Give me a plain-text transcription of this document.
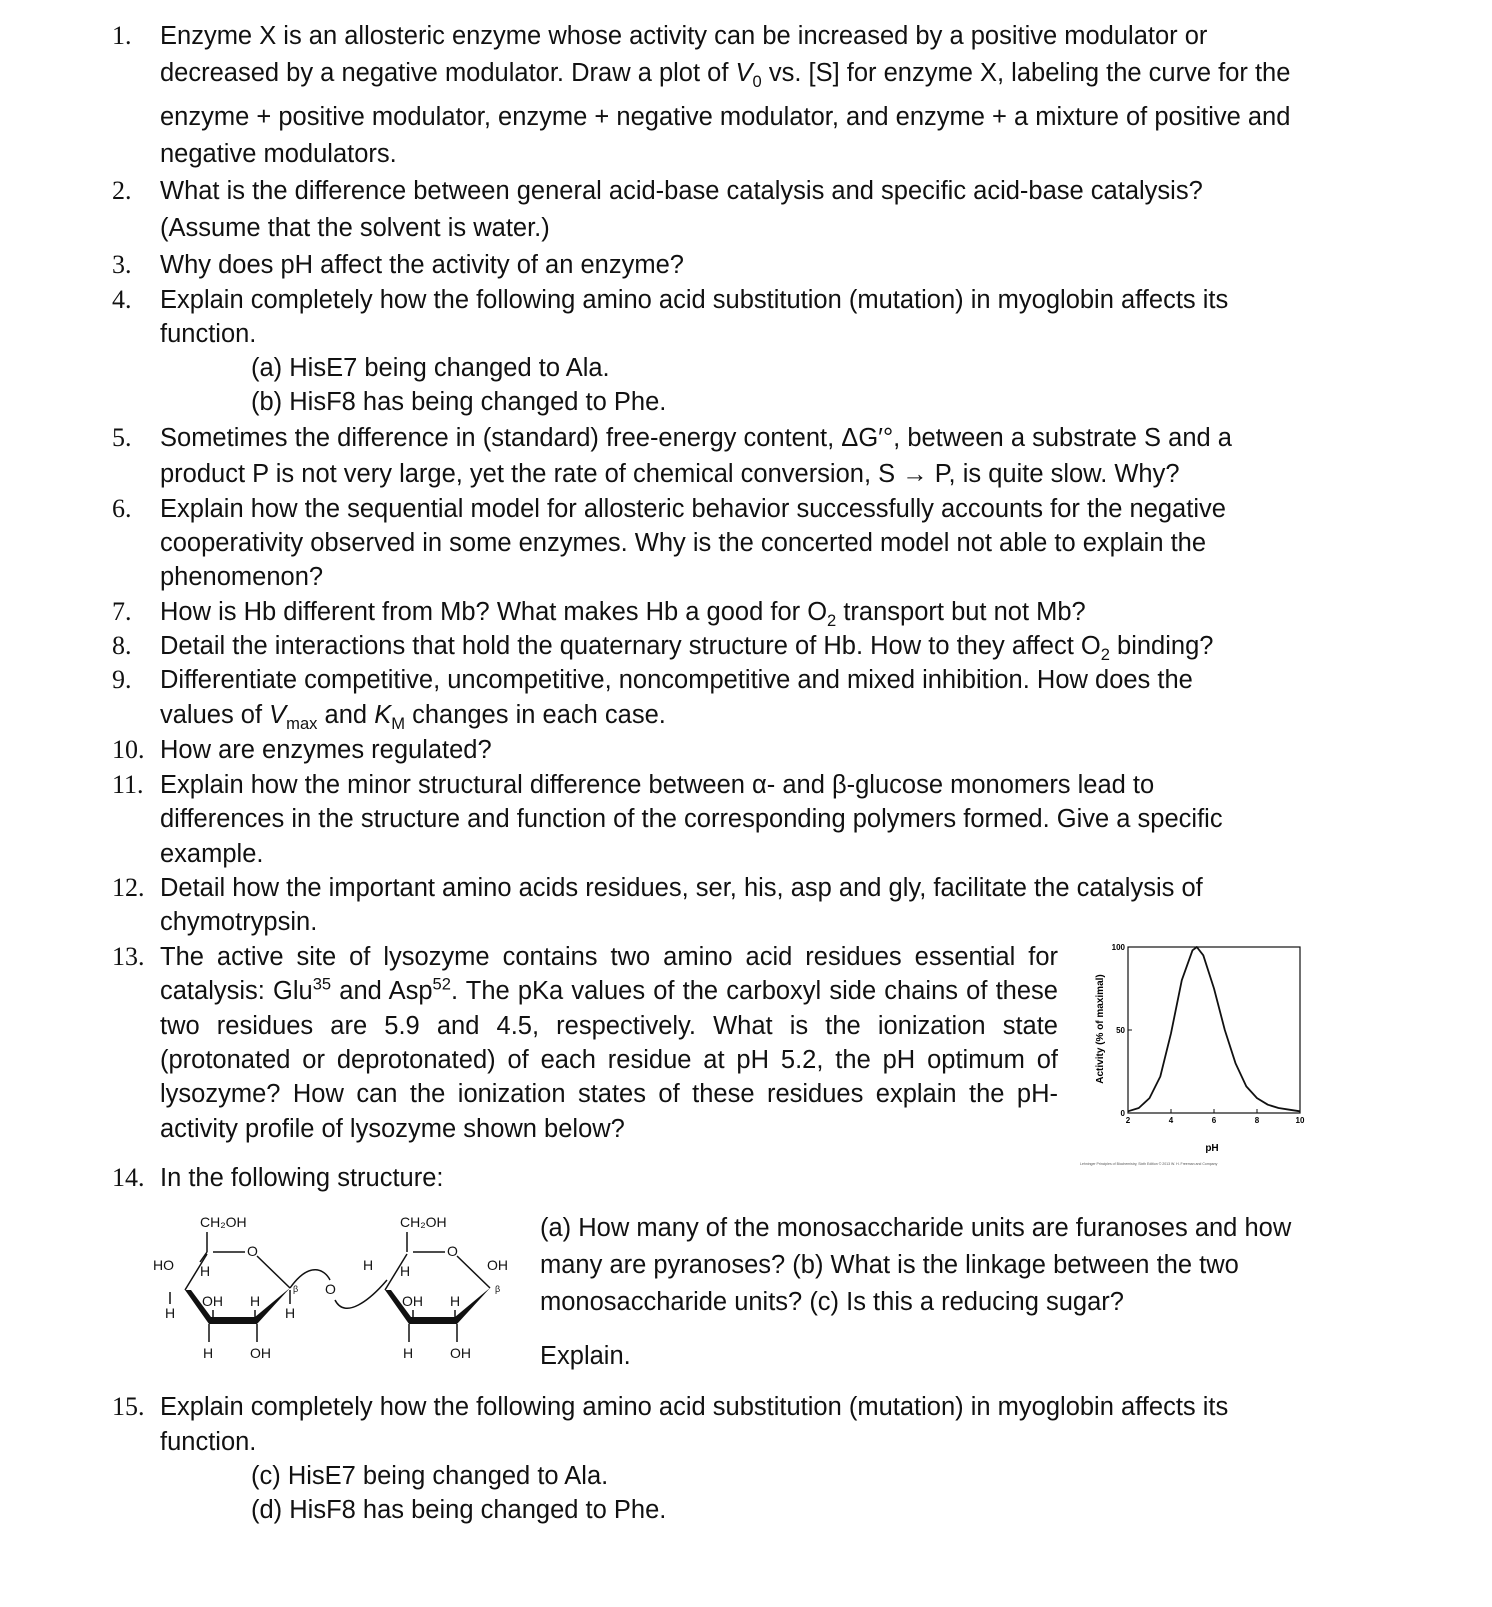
1. Enzyme X is an allosteric enzyme whose activity can be increased by a positive modulator or
decreased by a negative modulator. Draw a plot of $V_0$ vs. [S] for enzyme X, labeling the curve for the
enzyme + positive modulator, enzyme + negative modulator, and enzyme + a mixture of positive and
negative modulators.
2. What is the difference between general acid-base catalysis and specific acid-base catalysis?
(Assume that the solvent is water.)
3. Why does pH affect the activity of an enzyme?
4. Explain completely how the following amino acid substitution (mutation) in myoglobin affects its
function.
(a) HisE7 being changed to Ala.
(b) HisF8 has being changed to Phe.
5. Sometimes the difference in (standard) free-energy content, ΔG′°, between a substrate S and a
product P is not very large, yet the rate of chemical conversion, S → P, is quite slow. Why?
6. Explain how the sequential model for allosteric behavior successfully accounts for the negative
cooperativity observed in some enzymes. Why is the concerted model not able to explain the
phenomenon?
7. How is Hb different from Mb? What makes Hb a good for $O_2$ transport but not Mb?
8. Detail the interactions that hold the quaternary structure of Hb. How to they affect $O_2$ binding?
9. Differentiate competitive, uncompetitive, noncompetitive and mixed inhibition. How does the
values of $V_{max}$ and $K_M$ changes in each case.
10. How are enzymes regulated?
11. Explain how the minor structural difference between α- and β-glucose monomers lead to
differences in the structure and function of the corresponding polymers formed. Give a specific
example.
12. Detail how the important amino acids residues, ser, his, asp and gly, facilitate the catalysis of
chymotrypsin.
13. The active site of lysozyme contains two amino acid residues essential for
catalysis: Glu$^{35}$ and Asp$^{52}$. The pKa values of the carboxyl side chains of these
two residues are 5.9 and 4.5, respectively. What is the ionization state
(protonated or deprotonated) of each residue at pH 5.2, the pH optimum of
lysozyme? How can the ionization states of these residues explain the pH-
activity profile of lysozyme shown below?	2	4	6	8	10
0
50
100
Activity (% of maximal)
pH
Lehninger Principles of Biochemistry, Sixth Edition © 2013 W. H. Freeman and Company
14. In the following structure:
CH₂OH
O
HO H
H
OH H
H
H	OH
β O
H
CH₂OH
O
H	OH
β
OH H
H	OH
(a) How many of the monosaccharide units are furanoses and how
many are pyranoses? (b) What is the linkage between the two
monosaccharide units? (c) Is this a reducing sugar?
Explain.
15. Explain completely how the following amino acid substitution (mutation) in myoglobin affects its
function.
(c) HisE7 being changed to Ala.
(d) HisF8 has being changed to Phe.
